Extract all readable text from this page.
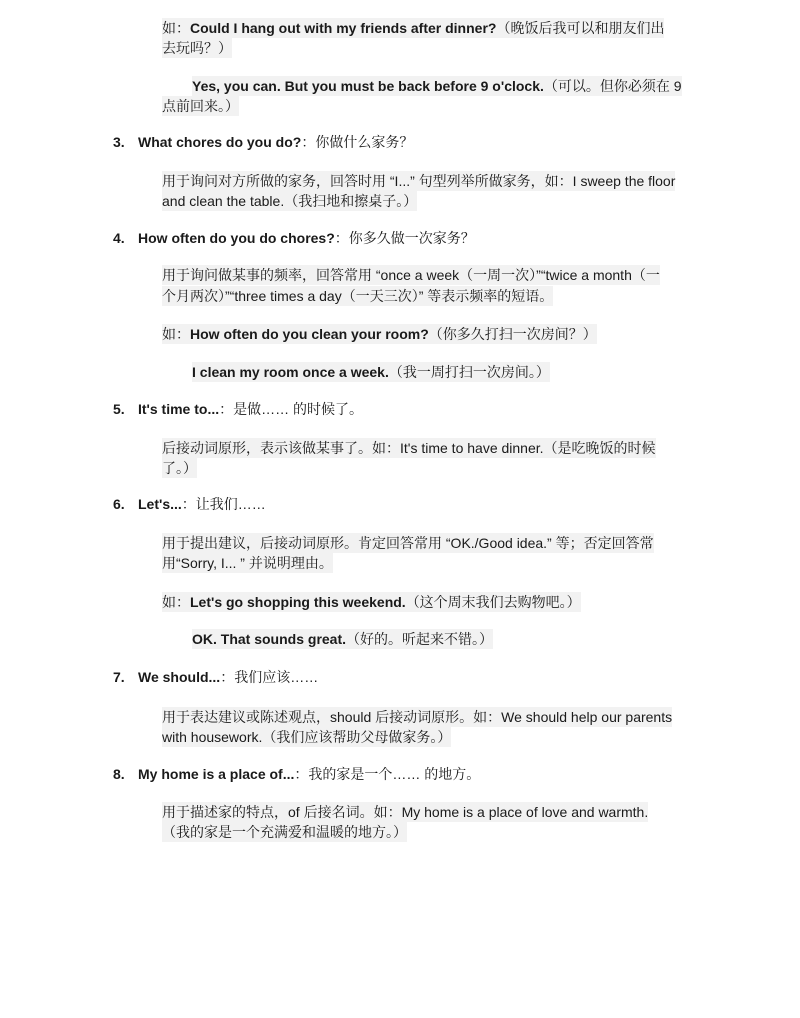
如：Could I hang out with my friends after dinner?（晚饭后我可以和朋友们出
去玩吗？）
Yes, you can. But you must be back before 9 o'clock.（可以。但你必须在 9
点前回来。）
3. What chores do you do?：你做什么家务？
用于询问对方所做的家务，回答时用 “I...” 句型列举所做家务，如：I sweep the floor
and clean the table.（我扫地和擦桌子。）
4. How often do you do chores?：你多久做一次家务？
用于询问做某事的频率，回答常用 “once a week（一周一次）”“twice a month（一
个月两次）”“three times a day（一天三次）” 等表示频率的短语。
如：How often do you clean your room?（你多久打扫一次房间？）
I clean my room once a week.（我一周打扫一次房间。）
5. It's time to...：是做…… 的时候了。
后接动词原形，表示该做某事了。如：It's time to have dinner.（是吃晚饭的时候
了。）
6. Let's...：让我们……
用于提出建议，后接动词原形。肯定回答常用 “OK./Good idea.” 等；否定回答常
用“Sorry, I... ” 并说明理由。
如：Let's go shopping this weekend.（这个周末我们去购物吧。）
OK. That sounds great.（好的。听起来不错。）
7. We should...：我们应该……
用于表达建议或陈述观点，should 后接动词原形。如：We should help our parents
with housework.（我们应该帮助父母做家务。）
8. My home is a place of...：我的家是一个…… 的地方。
用于描述家的特点，of 后接名词。如：My home is a place of love and warmth.
（我的家是一个充满爱和温暖的地方。）
